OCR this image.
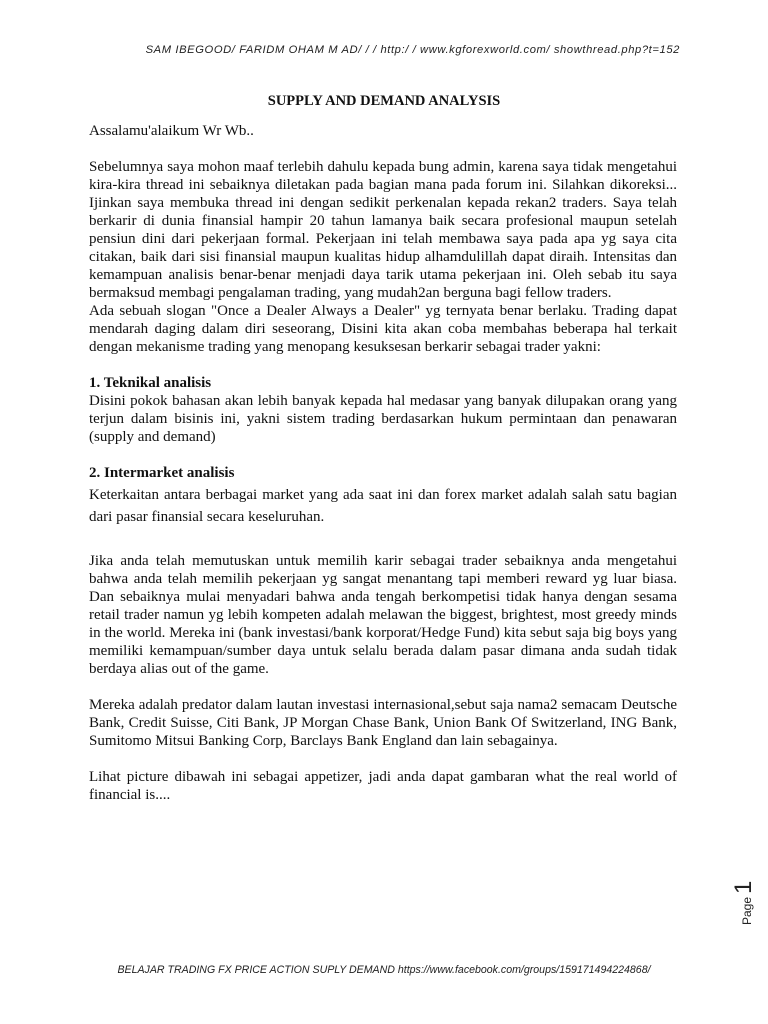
SAM IBEGOOD/ FARIDM OHAM M AD/ / / http:/ / www.kgforexworld.com/ showthread.php?t=152
SUPPLY AND DEMAND ANALYSIS

Assalamu'alaikum Wr Wb..

Sebelumnya saya mohon maaf terlebih dahulu kepada bung admin, karena saya tidak mengetahui kira-kira thread ini sebaiknya diletakan pada bagian mana pada forum ini. Silahkan dikoreksi... Ijinkan saya membuka thread ini dengan sedikit perkenalan kepada rekan2 traders. Saya telah berkarir di dunia finansial hampir 20 tahun lamanya baik secara profesional maupun setelah pensiun dini dari pekerjaan formal. Pekerjaan ini telah membawa saya pada apa yg saya cita citakan, baik dari sisi finansial maupun kualitas hidup alhamdulillah dapat diraih. Intensitas dan kemampuan analisis benar-benar menjadi daya tarik utama pekerjaan ini. Oleh sebab itu saya bermaksud membagi pengalaman trading, yang mudah2an berguna bagi fellow traders.

Ada sebuah slogan "Once a Dealer Always a Dealer" yg ternyata benar berlaku. Trading dapat mendarah daging dalam diri seseorang, Disini kita akan coba membahas beberapa hal terkait dengan mekanisme trading yang menopang kesuksesan berkarir sebagai trader yakni:

1. Teknikal analisis

Disini pokok bahasan akan lebih banyak kepada hal medasar yang banyak dilupakan orang yang terjun dalam bisinis ini, yakni sistem trading berdasarkan hukum permintaan dan penawaran (supply and demand)

2. Intermarket analisis

Keterkaitan antara berbagai market yang ada saat ini dan forex market adalah salah satu bagian dari pasar finansial secara keseluruhan.

Jika anda telah memutuskan untuk memilih karir sebagai trader sebaiknya anda mengetahui bahwa anda telah memilih pekerjaan yg sangat menantang tapi memberi reward yg luar biasa. Dan sebaiknya mulai menyadari bahwa anda tengah berkompetisi tidak hanya dengan sesama retail trader namun yg lebih kompeten adalah melawan the biggest, brightest, most greedy minds in the world. Mereka ini (bank investasi/bank korporat/Hedge Fund) kita sebut saja big boys yang memiliki kemampuan/sumber daya untuk selalu berada dalam pasar dimana anda sudah tidak berdaya alias out of the game.

Mereka adalah predator dalam lautan investasi internasional,sebut saja nama2 semacam Deutsche Bank, Credit Suisse, Citi Bank, JP Morgan Chase Bank, Union Bank Of Switzerland, ING Bank, Sumitomo Mitsui Banking Corp, Barclays Bank England dan lain sebagainya.

Lihat picture dibawah ini sebagai appetizer, jadi anda dapat gambaran what the real world of financial is....

Page1
BELAJAR TRADING FX PRICE ACTION SUPLY DEMAND https://www.facebook.com/groups/159171494224868/
